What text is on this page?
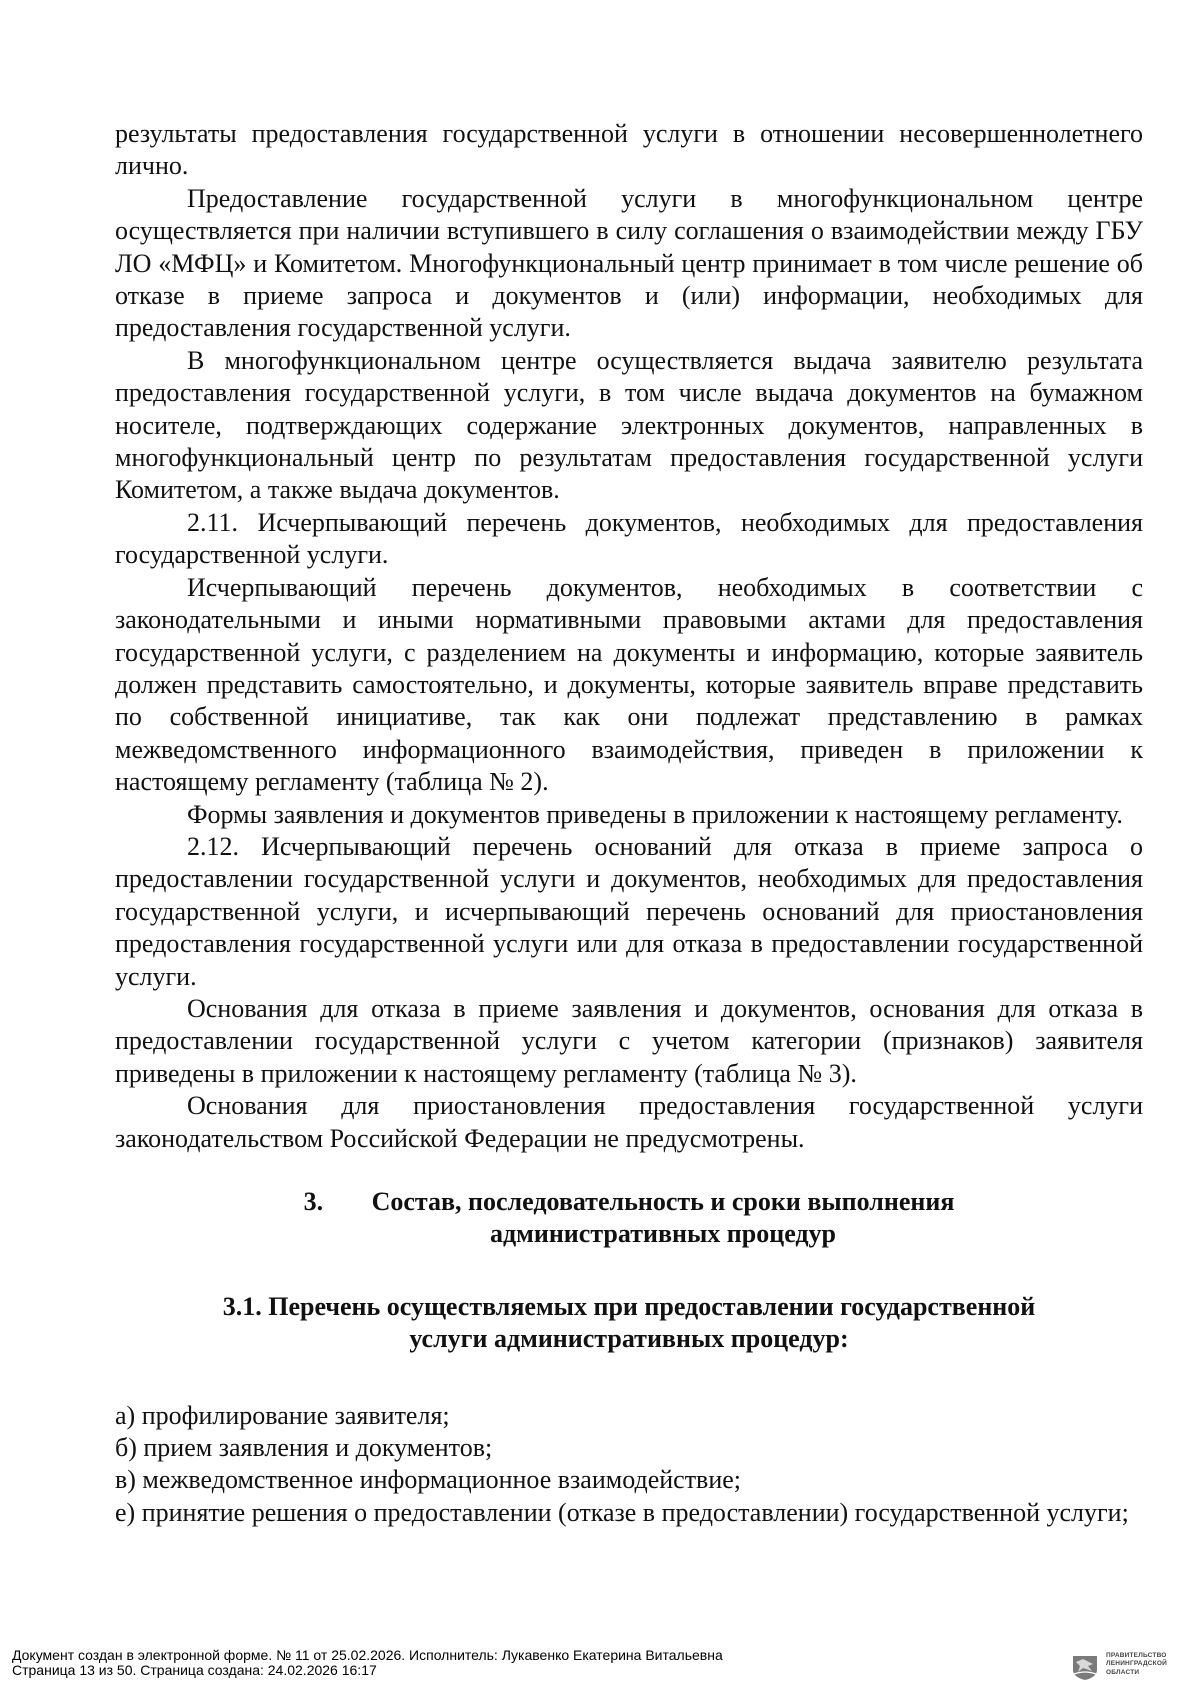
результаты предоставления государственной услуги в отношении несовершеннолетнего лично.

Предоставление государственной услуги в многофункциональном центре осуществляется при наличии вступившего в силу соглашения о взаимодействии между ГБУ ЛО «МФЦ» и Комитетом. Многофункциональный центр принимает в том числе решение об отказе в приеме запроса и документов и (или) информации, необходимых для предоставления государственной услуги.

В многофункциональном центре осуществляется выдача заявителю результата предоставления государственной услуги, в том числе выдача документов на бумажном носителе, подтверждающих содержание электронных документов, направленных в многофункциональный центр по результатам предоставления государственной услуги Комитетом, а также выдача документов.

2.11. Исчерпывающий перечень документов, необходимых для предоставления государственной услуги.

Исчерпывающий перечень документов, необходимых в соответствии с законодательными и иными нормативными правовыми актами для предоставления государственной услуги, с разделением на документы и информацию, которые заявитель должен представить самостоятельно, и документы, которые заявитель вправе представить по собственной инициативе, так как они подлежат представлению в рамках межведомственного информационного взаимодействия, приведен в приложении к настоящему регламенту (таблица № 2).

Формы заявления и документов приведены в приложении к настоящему регламенту.

2.12. Исчерпывающий перечень оснований для отказа в приеме запроса о предоставлении государственной услуги и документов, необходимых для предоставления государственной услуги, и исчерпывающий перечень оснований для приостановления предоставления государственной услуги или для отказа в предоставлении государственной услуги.

Основания для отказа в приеме заявления и документов, основания для отказа в предоставлении государственной услуги с учетом категории (признаков) заявителя приведены в приложении к настоящему регламенту (таблица № 3).

Основания для приостановления предоставления государственной услуги законодательством Российской Федерации не предусмотрены.

3. Состав, последовательность и сроки выполнения
административных процедур
3.1. Перечень осуществляемых при предоставлении государственной
услуги административных процедур:

а) профилирование заявителя;

б) прием заявления и документов;

в) межведомственное информационное взаимодействие;

е) принятие решения о предоставлении (отказе в предоставлении) государственной услуги;

Документ создан в электронной форме. № 11 от 25.02.2026. Исполнитель: Лукавенко Екатерина Витальевна
Страница 13 из 50. Страница создана: 24.02.2026 16:17
ПРАВИТЕЛЬСТВО
ЛЕНИНГРАДСКОЙ
ОБЛАСТИ
